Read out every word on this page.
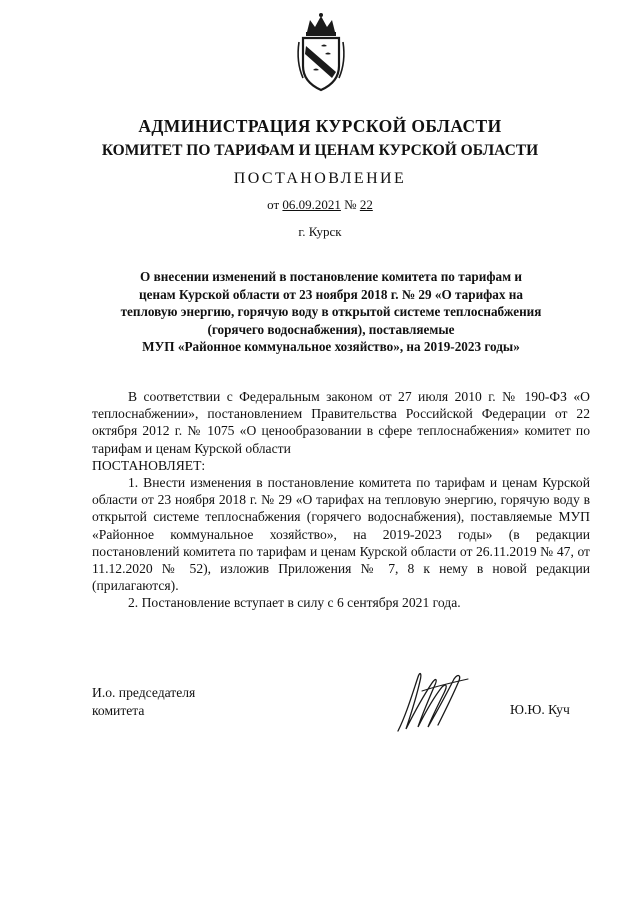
АДМИНИСТРАЦИЯ КУРСКОЙ ОБЛАСТИ
КОМИТЕТ ПО ТАРИФАМ И ЦЕНАМ КУРСКОЙ ОБЛАСТИ
ПОСТАНОВЛЕНИЕ
от 06.09.2021 № 22
г. Курск
О внесении изменений в постановление комитета по тарифам и
ценам Курской области от 23 ноября 2018 г. № 29 «О тарифах на
тепловую энергию, горячую воду в открытой системе теплоснабжения
(горячего водоснабжения), поставляемые
МУП «Районное коммунальное хозяйство», на 2019-2023 годы»

В соответствии с Федеральным законом от 27 июля 2010 г. № 190-ФЗ «О теплоснабжении», постановлением Правительства Российской Федерации от 22 октября 2012 г. № 1075 «О ценообразовании в сфере теплоснабжения» комитет по тарифам и ценам Курской области

ПОСТАНОВЛЯЕТ:

1. Внести изменения в постановление комитета по тарифам и ценам Курской области от 23 ноября 2018 г. № 29 «О тарифах на тепловую энергию, горячую воду в открытой системе теплоснабжения (горячего водоснабжения), поставляемые МУП «Районное коммунальное хозяйство», на 2019-2023 годы» (в редакции постановлений комитета по тарифам и ценам Курской области от 26.11.2019 № 47, от 11.12.2020 № 52), изложив Приложения № 7, 8 к нему в новой редакции (прилагаются).

2. Постановление вступает в силу с 6 сентября 2021 года.

И.о. председателя
комитета	Ю.Ю. Куч
